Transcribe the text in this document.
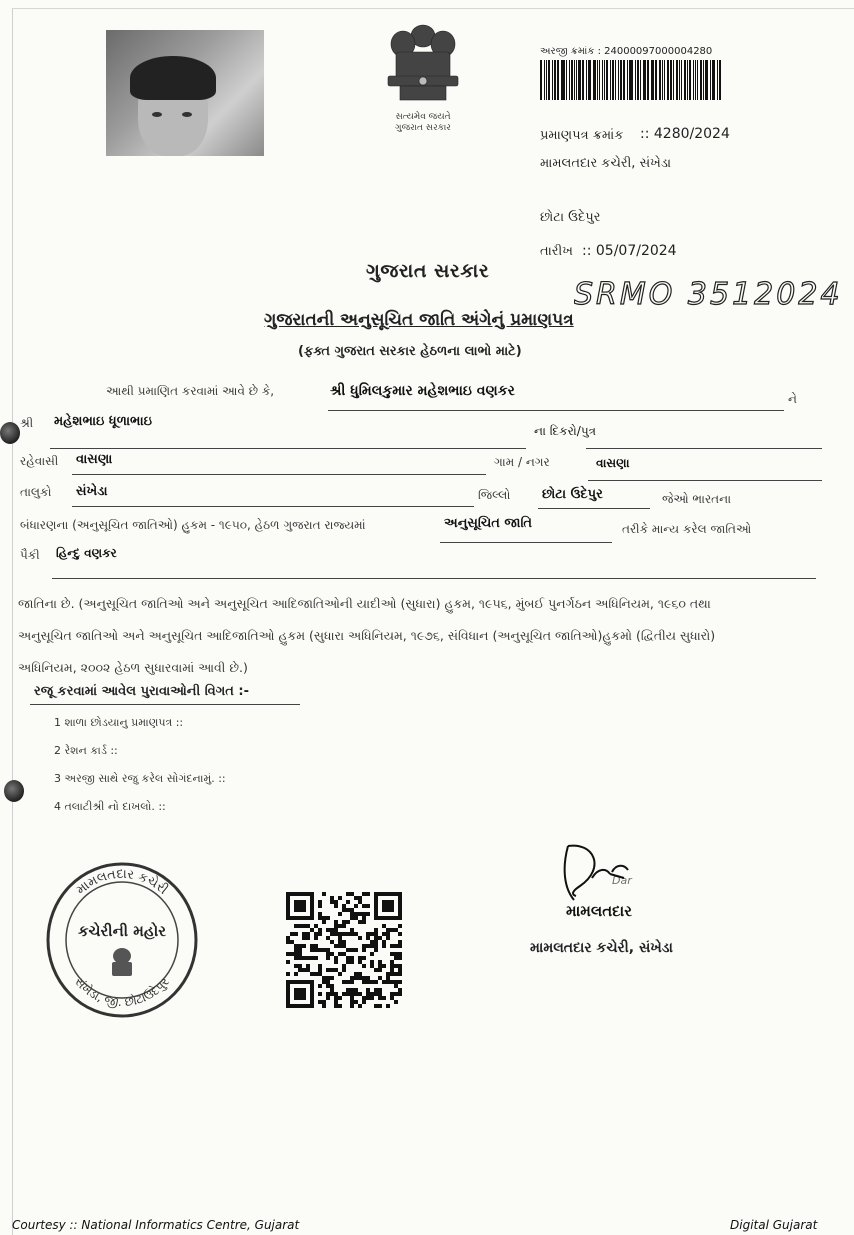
સત્યમેવ જયતે
ગુજરાત સરકાર
અરજી ક્રમાંક : 24000097000004280
પ્રમાણપત્ર ક્રમાંક :: 4280/2024
મામલતદાર કચેરી, સંખેડા
છોટા ઉદેપુર
તારીખ :: 05/07/2024
SRMO 3512024
ગુજરાત સરકાર
ગુજરાતની અનુસૂચિત જાતિ અંગેનું પ્રમાણપત્ર
(ફક્ત ગુજરાત સરકાર હેઠળના લાભો માટે)
આથી પ્રમાણિત કરવામાં આવે છે કે,	શ્રી ધુમિલકુમાર મહેશભાઇ વણકર	ને
શ્રી મહેશભાઇ ધૂળાભાઇ
ના દિકરો/પુત્ર
રહેવાસી વાસણા	ગામ / નગર	વાસણા
તાલુકો સંખેડા	જિલ્લો છોટા ઉદેપુર	જેઓ ભારતના
બંધારણના (અનુસૂચિત જાતિઓ) હુકમ - ૧૯૫૦, હેઠળ ગુજરાત રાજ્યમાં	અનુસૂચિત જાતિ	તરીકે માન્ય કરેલ જાતિઓ
પૈકી હિન્દુ વણકર
જાતિના છે. (અનુસૂચિત જાતિઓ અને અનુસૂચિત આદિજાતિઓની યાદીઓ (સુધારા) હુકમ, ૧૯૫૬, મુંબઈ પુનર્ગઠન અધિનિયમ, ૧૯૬૦ તથા
અનુસૂચિત જાતિઓ અને અનુસૂચિત આદિજાતિઓ હુકમ (સુધારા અધિનિયમ, ૧૯૭૬, સંવિધાન (અનુસૂચિત જાતિઓ)હુકમો (દ્વિતીય સુધારો)
અધિનિયમ, ૨૦૦૨ હેઠળ સુધારવામાં આવી છે.)
રજૂ કરવામાં આવેલ પુરાવાઓની વિગત :-
1 શાળા છોડયાનુ પ્રમાણપત્ર ::
2 રેશન કાર્ડ ::
3 અરજી સાથે રજુ કરેલ સોગંદનામું. ::
4 તલાટીશ્રી નો દાખલો. ::
મામલતદાર કચેરી
સંખેડા, જી. છોટાઉદેપુર
કચેરીની મહોર
Dar
મામલતદાર
મામલતદાર કચેરી, સંખેડા
Courtesy :: National Informatics Centre, Gujarat	Digital Gujarat
